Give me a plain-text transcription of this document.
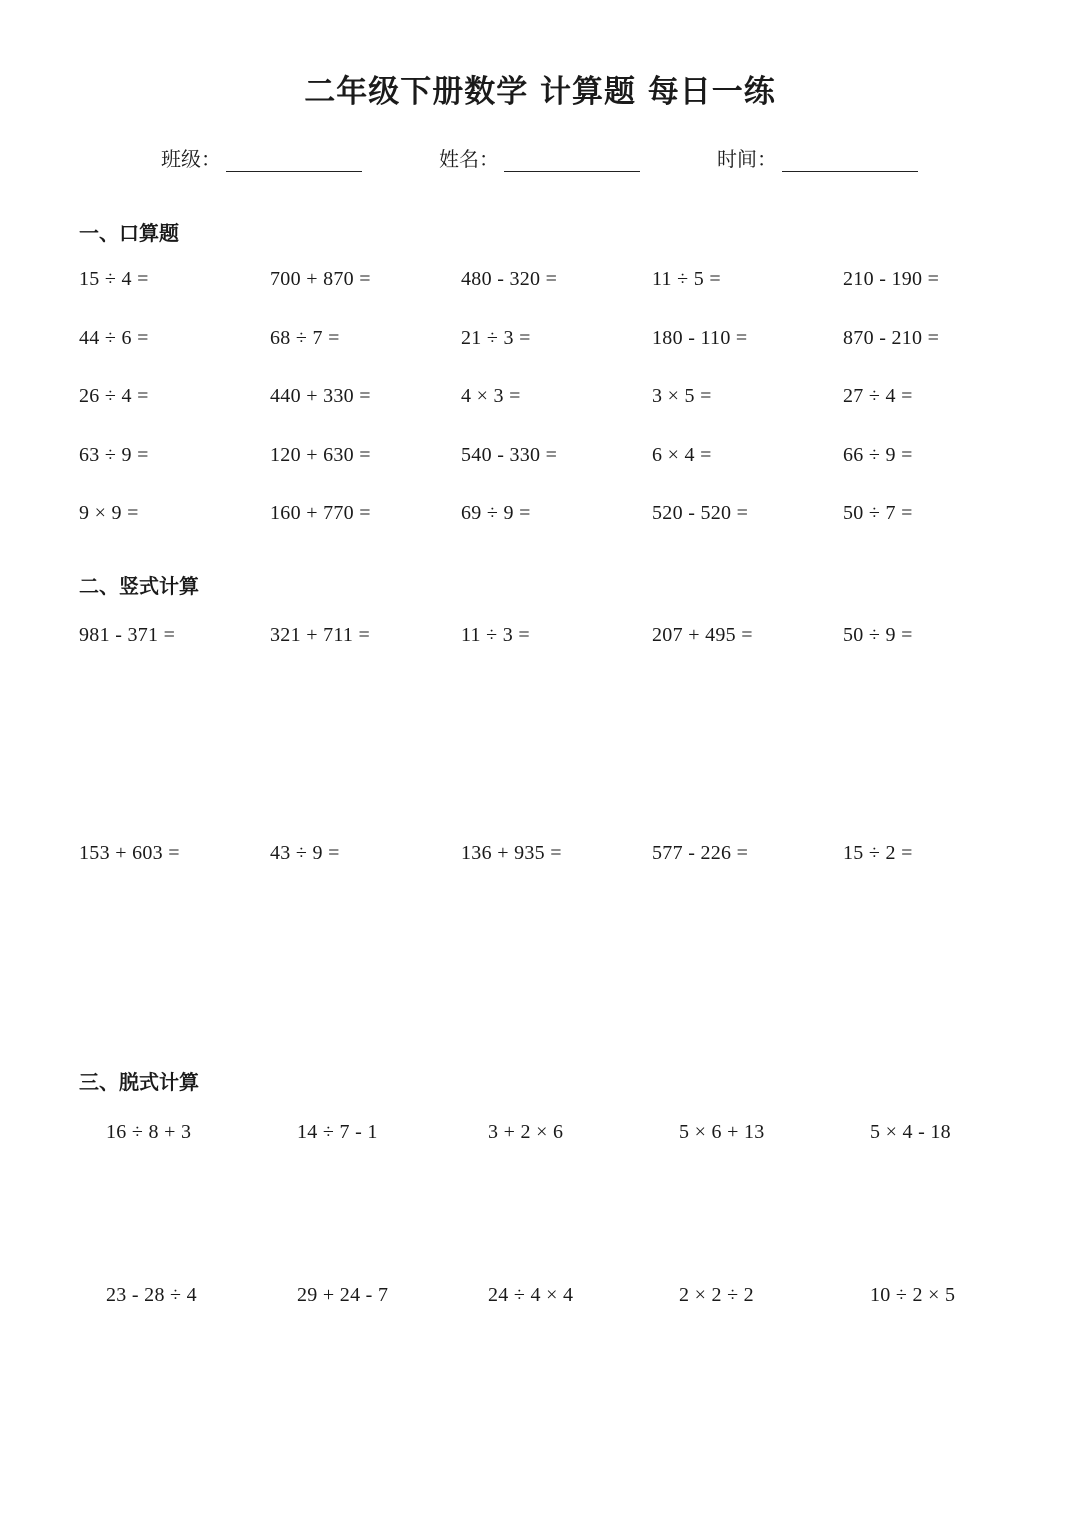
二年级下册数学 计算题 每日一练
班级：	姓名：	时间：
一、口算题
15 ÷ 4 =	700 + 870 =	480 - 320 =	11 ÷ 5 =	210 - 190 =
44 ÷ 6 =	68 ÷ 7 =	21 ÷ 3 =	180 - 110 =	870 - 210 =
26 ÷ 4 =	440 + 330 =	4 × 3 =	3 × 5 =	27 ÷ 4 =
63 ÷ 9 =	120 + 630 =	540 - 330 =	6 × 4 =	66 ÷ 9 =
9 × 9 =	160 + 770 =	69 ÷ 9 =	520 - 520 =	50 ÷ 7 =
二、竖式计算
981 - 371 =	321 + 711 =	11 ÷ 3 =	207 + 495 =	50 ÷ 9 =
153 + 603 =	43 ÷ 9 =	136 + 935 =	577 - 226 =	15 ÷ 2 =
三、脱式计算
16 ÷ 8 + 3	14 ÷ 7 - 1	3 + 2 × 6	5 × 6 + 13	5 × 4 - 18
23 - 28 ÷ 4	29 + 24 - 7	24 ÷ 4 × 4	2 × 2 ÷ 2	10 ÷ 2 × 5
